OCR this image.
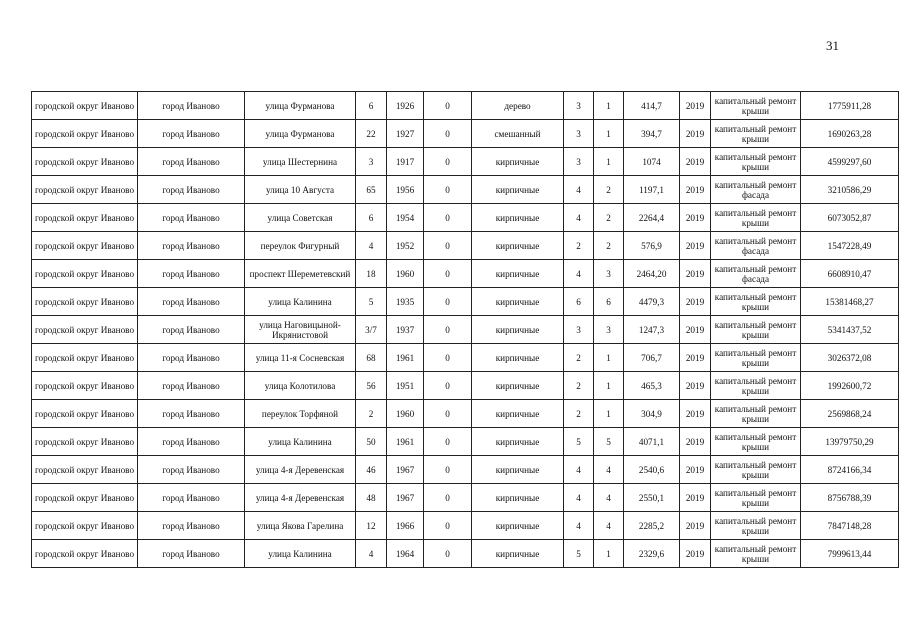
31
городской округ Иваново	город Иваново	улица Фурманова	6	1926	0	дерево	3	1	414,7	2019	капитальный ремонт крыши	1775911,28
городской округ Иваново	город Иваново	улица Фурманова	22	1927	0	смешанный	3	1	394,7	2019	капитальный ремонт крыши	1690263,28
городской округ Иваново	город Иваново	улица Шестернина	3	1917	0	кирпичные	3	1	1074	2019	капитальный ремонт крыши	4599297,60
городской округ Иваново	город Иваново	улица 10 Августа	65	1956	0	кирпичные	4	2	1197,1	2019	капитальный ремонт фасада	3210586,29
городской округ Иваново	город Иваново	улица Советская	6	1954	0	кирпичные	4	2	2264,4	2019	капитальный ремонт крыши	6073052,87
городской округ Иваново	город Иваново	переулок Фигурный	4	1952	0	кирпичные	2	2	576,9	2019	капитальный ремонт фасада	1547228,49
городской округ Иваново	город Иваново	проспект Шереметевский	18	1960	0	кирпичные	4	3	2464,20	2019	капитальный ремонт фасада	6608910,47
городской округ Иваново	город Иваново	улица Калинина	5	1935	0	кирпичные	6	6	4479,3	2019	капитальный ремонт крыши	15381468,27
городской округ Иваново	город Иваново	улица Наговицыной-Икрянистовой	3/7	1937	0	кирпичные	3	3	1247,3	2019	капитальный ремонт крыши	5341437,52
городской округ Иваново	город Иваново	улица 11-я Сосневская	68	1961	0	кирпичные	2	1	706,7	2019	капитальный ремонт крыши	3026372,08
городской округ Иваново	город Иваново	улица Колотилова	56	1951	0	кирпичные	2	1	465,3	2019	капитальный ремонт крыши	1992600,72
городской округ Иваново	город Иваново	переулок Торфяной	2	1960	0	кирпичные	2	1	304,9	2019	капитальный ремонт крыши	2569868,24
городской округ Иваново	город Иваново	улица Калинина	50	1961	0	кирпичные	5	5	4071,1	2019	капитальный ремонт крыши	13979750,29
городской округ Иваново	город Иваново	улица 4-я Деревенская	46	1967	0	кирпичные	4	4	2540,6	2019	капитальный ремонт крыши	8724166,34
городской округ Иваново	город Иваново	улица 4-я Деревенская	48	1967	0	кирпичные	4	4	2550,1	2019	капитальный ремонт крыши	8756788,39
городской округ Иваново	город Иваново	улица Якова Гарелина	12	1966	0	кирпичные	4	4	2285,2	2019	капитальный ремонт крыши	7847148,28
городской округ Иваново	город Иваново	улица Калинина	4	1964	0	кирпичные	5	1	2329,6	2019	капитальный ремонт крыши	7999613,44
